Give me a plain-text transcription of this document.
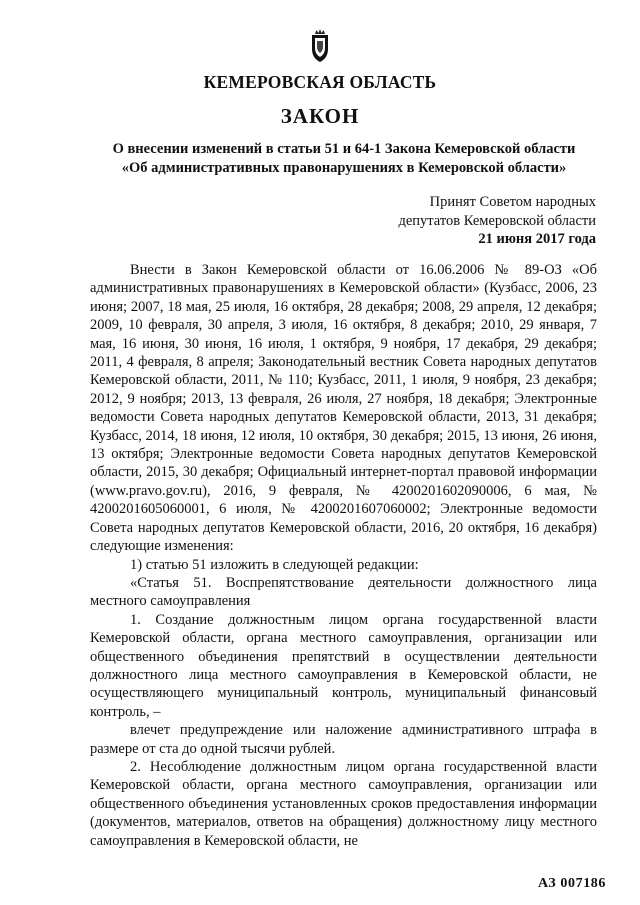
КЕМЕРОВСКАЯ ОБЛАСТЬ
ЗАКОН
О внесении изменений в статьи 51 и 64-1 Закона Кемеровской области
«Об административных правонарушениях в Кемеровской области»
Принят Советом народных
депутатов Кемеровской области
21 июня 2017 года

Внести в Закон Кемеровской области от 16.06.2006 № 89-ОЗ «Об административных правонарушениях в Кемеровской области» (Кузбасс, 2006, 23 июня; 2007, 18 мая, 25 июля, 16 октября, 28 декабря; 2008, 29 апреля, 12 декабря; 2009, 10 февраля, 30 апреля, 3 июля, 16 октября, 8 декабря; 2010, 29 января, 7 мая, 16 июня, 30 июня, 16 июля, 1 октября, 9 ноября, 17 декабря, 29 декабря; 2011, 4 февраля, 8 апреля; Законодательный вестник Совета народных депутатов Кемеровской области, 2011, № 110; Кузбасс, 2011, 1 июля, 9 ноября, 23 декабря; 2012, 9 ноября; 2013, 13 февраля, 26 июля, 27 ноября, 18 декабря; Электронные ведомости Совета народных депутатов Кемеровской области, 2013, 31 декабря; Кузбасс, 2014, 18 июня, 12 июля, 10 октября, 30 декабря; 2015, 13 июня, 26 июня, 13 октября; Электронные ведомости Совета народных депутатов Кемеровской области, 2015, 30 декабря; Официальный интернет-портал правовой информации (www.pravo.gov.ru), 2016, 9 февраля, № 4200201602090006, 6 мая, № 4200201605060001, 6 июля, № 4200201607060002; Электронные ведомости Совета народных депутатов Кемеровской области, 2016, 20 октября, 16 декабря) следующие изменения:

1) статью 51 изложить в следующей редакции:

«Статья 51. Воспрепятствование деятельности должностного лица местного самоуправления

1. Создание должностным лицом органа государственной власти Кемеровской области, органа местного самоуправления, организации или общественного объединения препятствий в осуществлении деятельности должностного лица местного самоуправления в Кемеровской области, не осуществляющего муниципальный контроль, муниципальный финансовый контроль, –

влечет предупреждение или наложение административного штрафа в размере от ста до одной тысячи рублей.

2. Несоблюдение должностным лицом органа государственной власти Кемеровской области, органа местного самоуправления, организации или общественного объединения установленных сроков предоставления информации (документов, материалов, ответов на обращения) должностному лицу местного самоуправления в Кемеровской области, не

АЗ 007186
